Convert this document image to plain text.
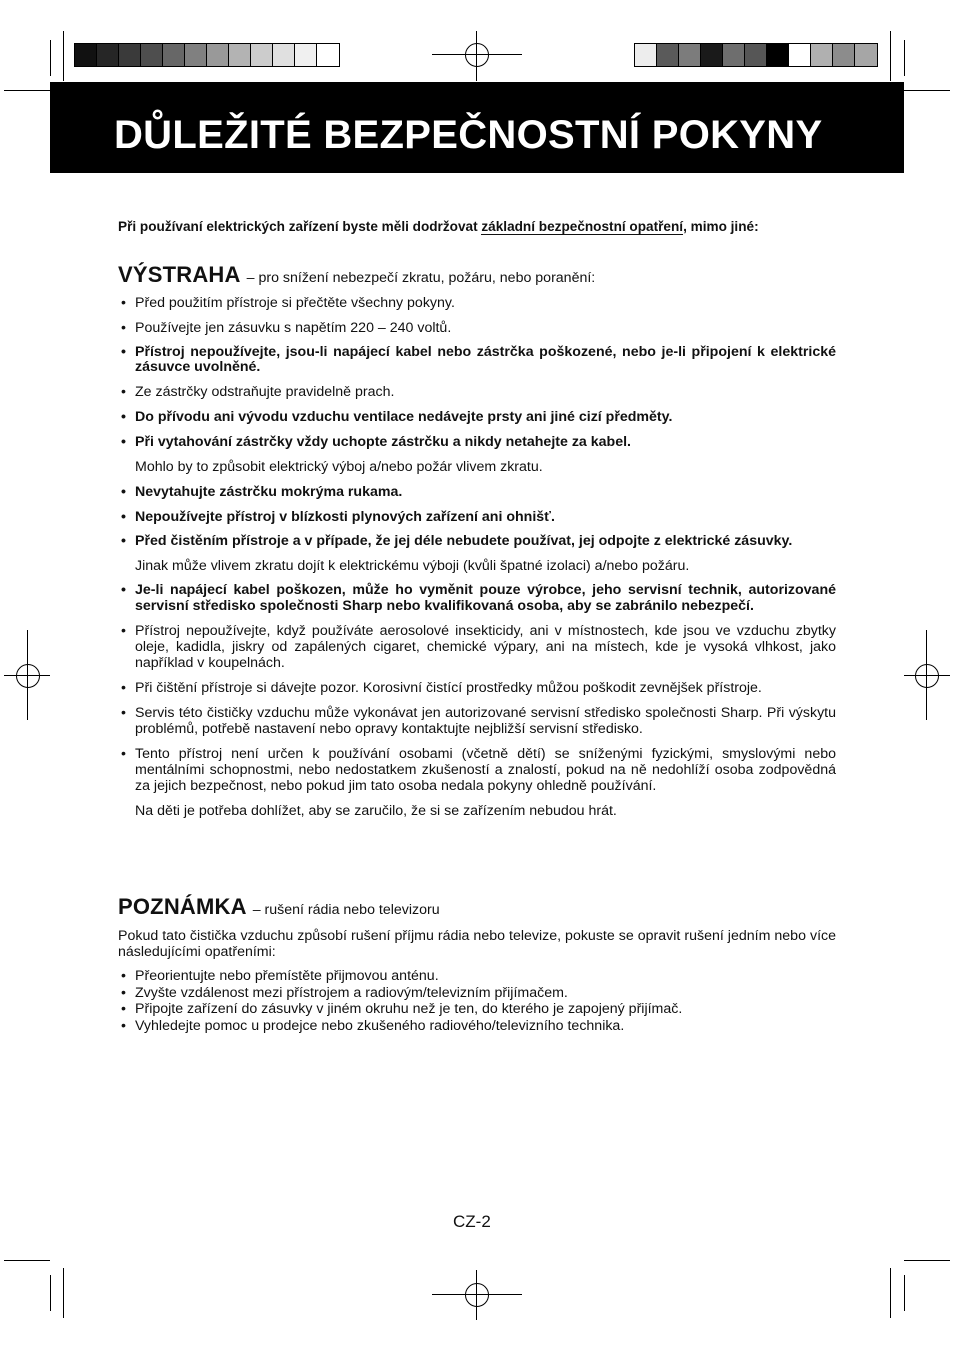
DŮLEŽITÉ BEZPEČNOSTNÍ POKYNY
Při používaní elektrických zařízení byste měli dodržovat základní bezpečnostní opatření, mimo jiné:
VÝSTRAHA – pro snížení nebezpečí zkratu, požáru, nebo poranění:
• Před použitím přístroje si přečtěte všechny pokyny.
• Používejte jen zásuvku s napětím 220 – 240 voltů.
• Přístroj nepoužívejte, jsou-li napájecí kabel nebo zástrčka poškozené, nebo je-li připojení k elektrické zásuvce uvolněné.
• Ze zástrčky odstraňujte pravidelně prach.
• Do přívodu ani vývodu vzduchu ventilace nedávejte prsty ani jiné cizí předměty.
• Při vytahování zástrčky vždy uchopte zástrčku a nikdy netahejte za kabel.
Mohlo by to způsobit elektrický výboj a/nebo požár vlivem zkratu.
• Nevytahujte zástrčku mokrýma rukama.
• Nepoužívejte přístroj v blízkosti plynových zařízení ani ohnišť.
• Před čistěním přístroje a v případe, že jej déle nebudete používat, jej odpojte z elektrické zásuvky.
Jinak může vlivem zkratu dojít k elektrickému výboji (kvůli špatné izolaci) a/nebo požáru.
• Je-li napájecí kabel poškozen, může ho vyměnit pouze výrobce, jeho servisní technik, autorizované servisní středisko společnosti Sharp nebo kvalifikovaná osoba, aby se zabránilo nebezpečí.
• Přístroj nepoužívejte, když používáte aerosolové insekticidy, ani v místnostech, kde jsou ve vzduchu zbytky oleje, kadidla, jiskry od zapálených cigaret, chemické výpary, ani na místech, kde je vysoká vlhkost, jako například v koupelnách.
• Při čištění přístroje si dávejte pozor. Korosivní čistící prostředky můžou poškodit zevnějšek přístroje.
• Servis této čističky vzduchu může vykonávat jen autorizované servisní středisko společnosti Sharp. Při výskytu problémů, potřebě nastavení nebo opravy kontaktujte nejbližší servisní středisko.
• Tento přístroj není určen k používání osobami (včetně dětí) se sníženými fyzickými, smyslovými nebo mentálními schopnostmi, nebo nedostatkem zkušeností a znalostí, pokud na ně nedohlíží osoba zodpovědná za jejich bezpečnost, nebo pokud jim tato osoba nedala pokyny ohledně používání.
Na děti je potřeba dohlížet, aby se zaručilo, že si se zařízením nebudou hrát.
POZNÁMKA – rušení rádia nebo televizoru
Pokud tato čistička vzduchu způsobí rušení příjmu rádia nebo televize, pokuste se opravit rušení jedním nebo více následujícími opatřeními:
• Přeorientujte nebo přemístěte přijmovou anténu.
• Zvyšte vzdálenost mezi přístrojem a radiovým/televizním přijímačem.
• Připojte zařízení do zásuvky v jiném okruhu než je ten, do kterého je zapojený přijímač.
• Vyhledejte pomoc u prodejce nebo zkušeného radiového/televizního technika.
CZ-2
